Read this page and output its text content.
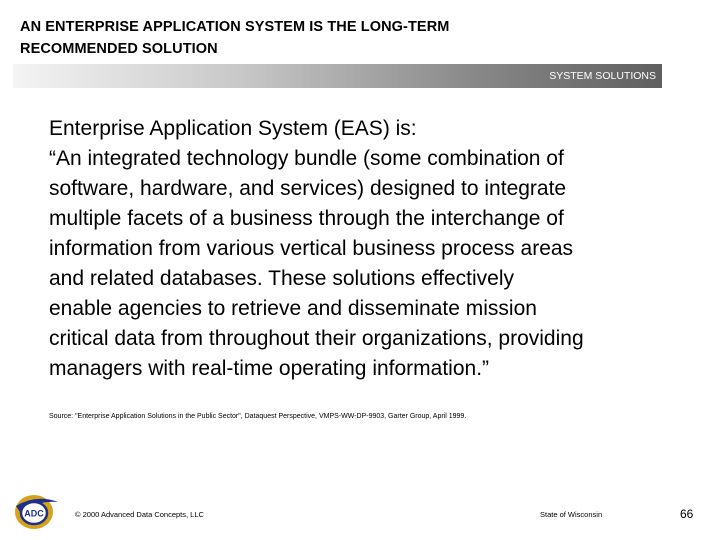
AN ENTERPRISE APPLICATION SYSTEM IS THE LONG-TERM
RECOMMENDED SOLUTION
SYSTEM SOLUTIONS

Enterprise Application System (EAS) is:

“An integrated technology bundle (some combination of

software, hardware, and services) designed to integrate

multiple facets of a business through the interchange of

information from various vertical business process areas

and related databases. These solutions effectively

enable agencies to retrieve and disseminate mission

critical data from throughout their organizations, providing

managers with real-time operating information.”

Source: "Enterprise Application Solutions in the Public Sector", Dataquest Perspective, VMPS-WW-DP-9903, Garter Group, April 1999.
ADC	© 2000 Advanced Data Concepts, LLC	State of Wisconsin	66
